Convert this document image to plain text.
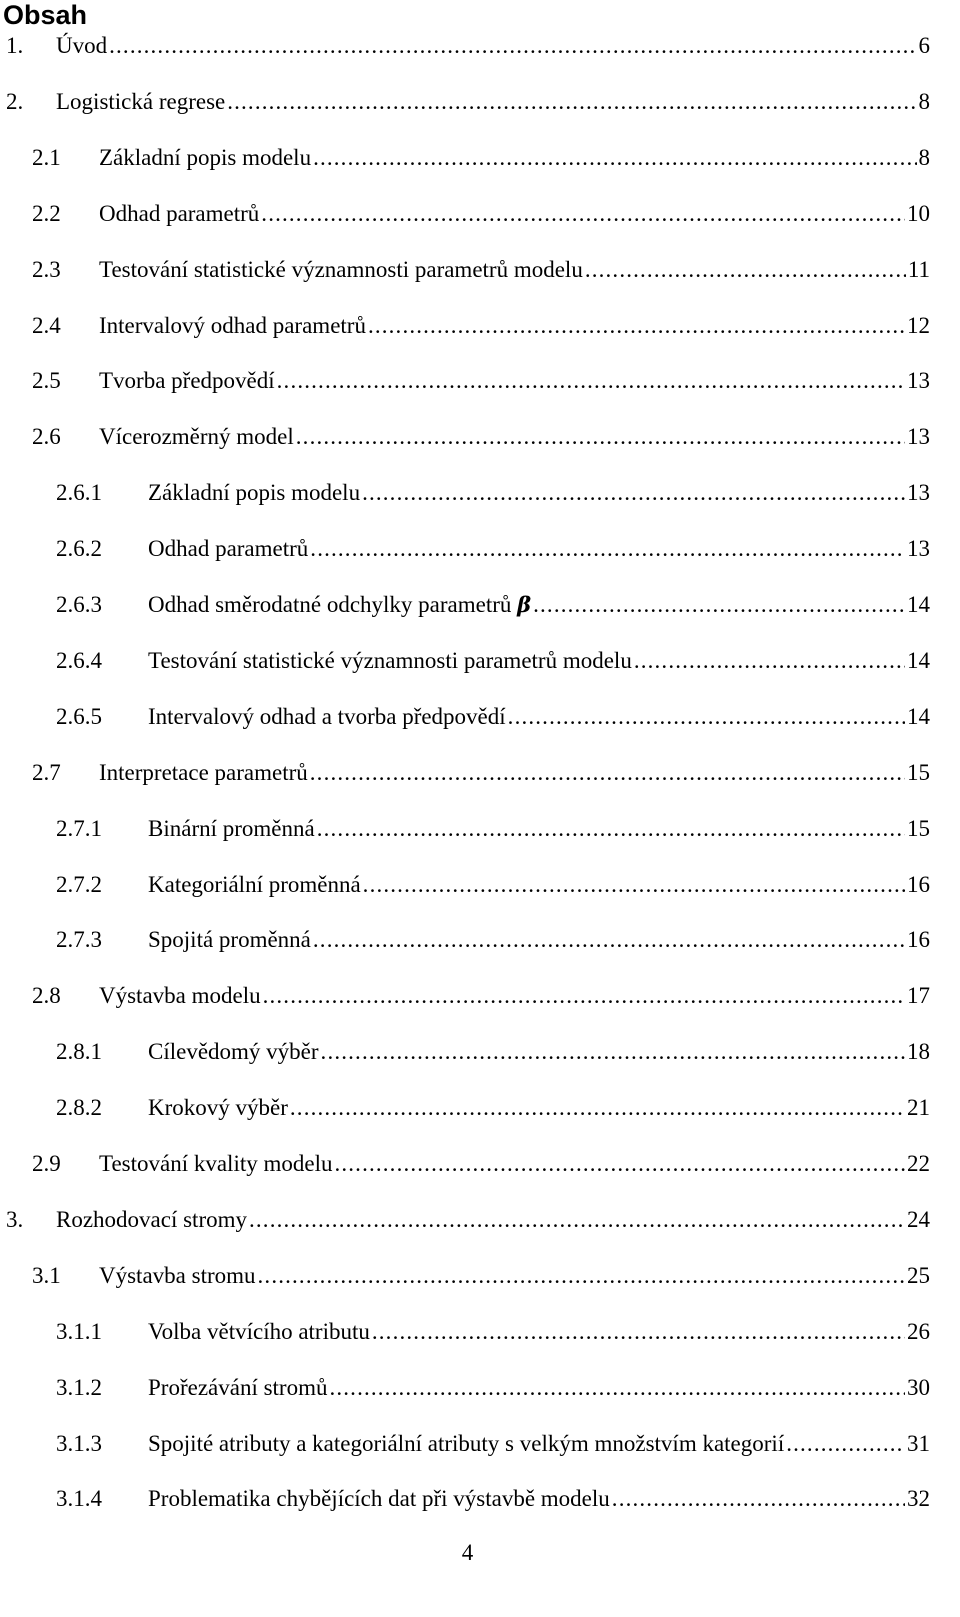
Obsah
1.	Úvod . . .	6
2.	Logistická regrese . . .	8
2.1	Základní popis modelu . . .	8
2.2	Odhad parametrů . . .	10
2.3	Testování statistické významnosti parametrů modelu . . .	11
2.4	Intervalový odhad parametrů . . .	12
2.5	Tvorba předpovědí . . .	13
2.6	Vícerozměrný model . . .	13
2.6.1	Základní popis modelu . . .	13
2.6.2	Odhad parametrů . . .	13
2.6.3	Odhad směrodatné odchylky parametrů β . . .	14
2.6.4	Testování statistické významnosti parametrů modelu . . .	14
2.6.5	Intervalový odhad a tvorba předpovědí . . .	14
2.7	Interpretace parametrů . . .	15
2.7.1	Binární proměnná . . .	15
2.7.2	Kategoriální proměnná . . .	16
2.7.3	Spojitá proměnná . . .	16
2.8	Výstavba modelu . . .	17
2.8.1	Cílevědomý výběr . . .	18
2.8.2	Krokový výběr . . .	21
2.9	Testování kvality modelu . . .	22
3.	Rozhodovací stromy . . .	24
3.1	Výstavba stromu . . .	25
3.1.1	Volba větvícího atributu . . .	26
3.1.2	Prořezávání stromů . . .	30
3.1.3	Spojité atributy a kategoriální atributy s velkým množstvím kategorií . . .	31
3.1.4	Problematika chybějících dat při výstavbě modelu . . .	32
4
